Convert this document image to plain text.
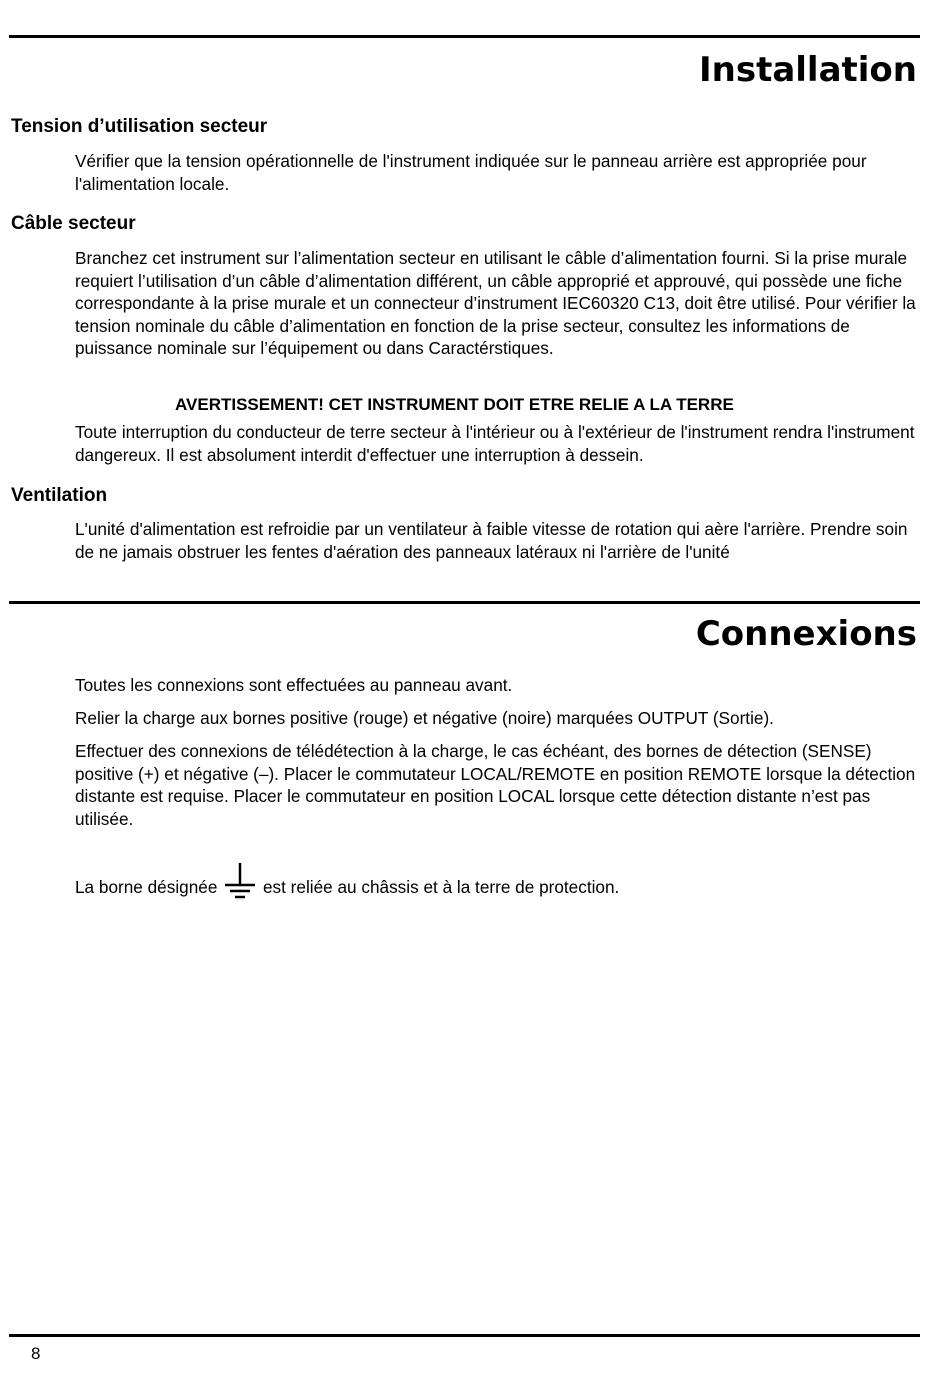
Installation
Tension d’utilisation secteur

Vérifier que la tension opérationnelle de l'instrument indiquée sur le panneau arrière est appropriée pour l'alimentation locale.

Câble secteur

Branchez cet instrument sur l’alimentation secteur en utilisant le câble d’alimentation fourni. Si la prise murale requiert l’utilisation d’un câble d’alimentation différent, un câble approprié et approuvé, qui possède une fiche correspondante à la prise murale et un connecteur d’instrument IEC60320 C13, doit être utilisé. Pour vérifier la tension nominale du câble d’alimentation en fonction de la prise secteur, consultez les informations de puissance nominale sur l’équipement ou dans Caractérstiques.

AVERTISSEMENT! CET INSTRUMENT DOIT ETRE RELIE A LA TERRE

Toute interruption du conducteur de terre secteur à l'intérieur ou à l'extérieur de l'instrument rendra l'instrument dangereux. Il est absolument interdit d'effectuer une interruption à dessein.

Ventilation

L'unité d'alimentation est refroidie par un ventilateur à faible vitesse de rotation qui aère l'arrière. Prendre soin de ne jamais obstruer les fentes d'aération des panneaux latéraux ni l'arrière de l'unité

Connexions

Toutes les connexions sont effectuées au panneau avant.

Relier la charge aux bornes positive (rouge) et négative (noire) marquées OUTPUT (Sortie).

Effectuer des connexions de télédétection à la charge, le cas échéant, des bornes de détection (SENSE) positive (+) et négative (–). Placer le commutateur LOCAL/REMOTE en position REMOTE lorsque la détection distante est requise. Placer le commutateur en position LOCAL lorsque cette détection distante n’est pas utilisée.

La borne désignée	est reliée au châssis et à la terre de protection.

8
